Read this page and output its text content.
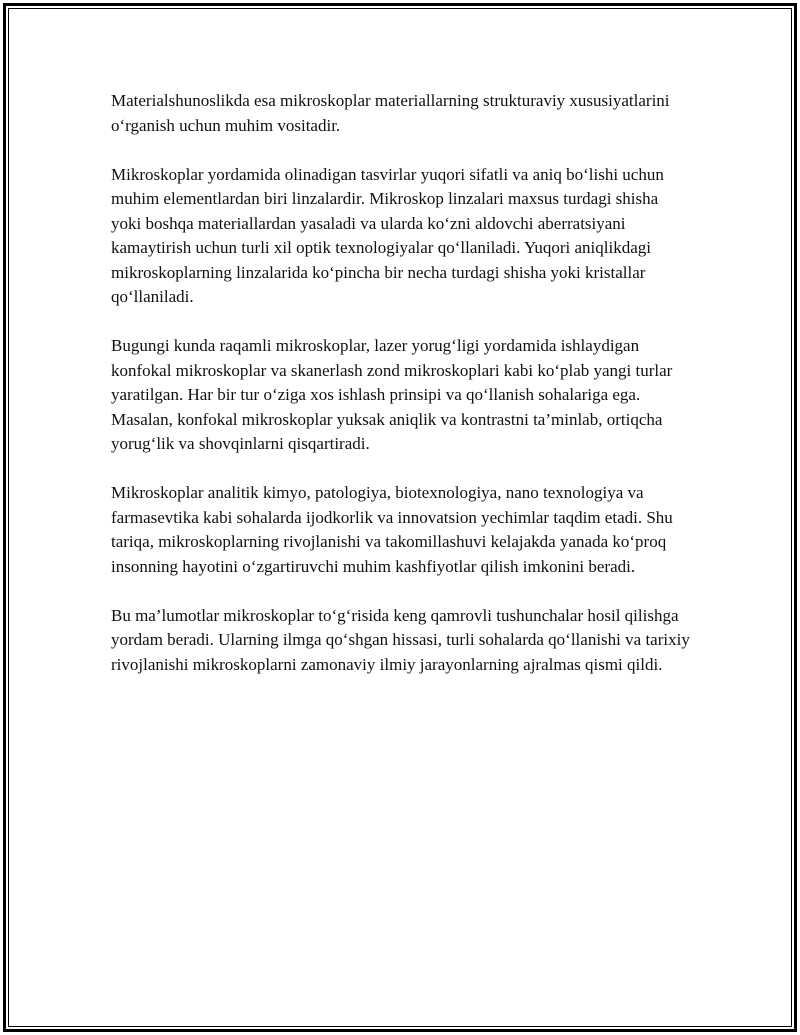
Materialshunoslikda esa mikroskoplar materiallarning strukturaviy xususiyatlarini o‘rganish uchun muhim vositadir.

Mikroskoplar yordamida olinadigan tasvirlar yuqori sifatli va aniq bo‘lishi uchun muhim elementlardan biri linzalardir. Mikroskop linzalari maxsus turdagi shisha yoki boshqa materiallardan yasaladi va ularda ko‘zni aldovchi aberratsiyani kamaytirish uchun turli xil optik texnologiyalar qo‘llaniladi. Yuqori aniqlikdagi mikroskoplarning linzalarida ko‘pincha bir necha turdagi shisha yoki kristallar qo‘llaniladi.

Bugungi kunda raqamli mikroskoplar, lazer yorug‘ligi yordamida ishlaydigan konfokal mikroskoplar va skanerlash zond mikroskoplari kabi ko‘plab yangi turlar yaratilgan. Har bir tur o‘ziga xos ishlash prinsipi va qo‘llanish sohalariga ega. Masalan, konfokal mikroskoplar yuksak aniqlik va kontrastni ta’minlab, ortiqcha yorug‘lik va shovqinlarni qisqartiradi.

Mikroskoplar analitik kimyo, patologiya, biotexnologiya, nano texnologiya va farmasevtika kabi sohalarda ijodkorlik va innovatsion yechimlar taqdim etadi. Shu tariqa, mikroskoplarning rivojlanishi va takomillashuvi kelajakda yanada ko‘proq insonning hayotini o‘zgartiruvchi muhim kashfiyotlar qilish imkonini beradi.

Bu ma’lumotlar mikroskoplar to‘g‘risida keng qamrovli tushunchalar hosil qilishga yordam beradi. Ularning ilmga qo‘shgan hissasi, turli sohalarda qo‘llanishi va tarixiy rivojlanishi mikroskoplarni zamonaviy ilmiy jarayonlarning ajralmas qismi qildi.
